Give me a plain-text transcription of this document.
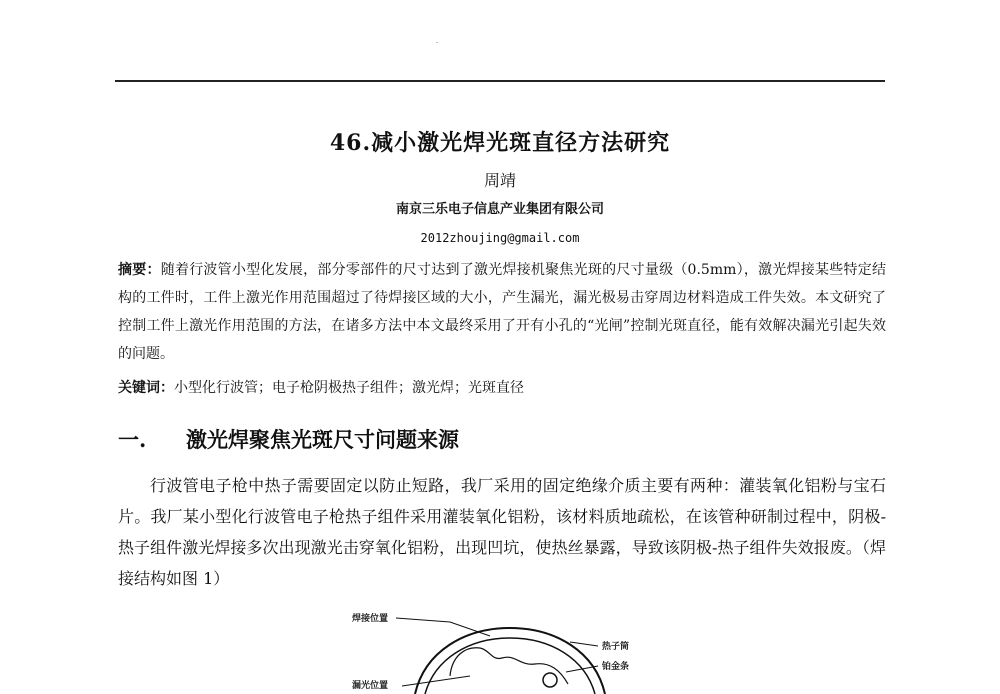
46.减小激光焊光斑直径方法研究
周靖
南京三乐电子信息产业集团有限公司
2012zhoujing@gmail.com

摘要：随着行波管小型化发展，部分零部件的尺寸达到了激光焊接机聚焦光斑的尺寸量级（0.5mm），激光焊接某些特定结构的工件时，工件上激光作用范围超过了待焊接区域的大小，产生漏光，漏光极易击穿周边材料造成工件失效。本文研究了控制工件上激光作用范围的方法，在诸多方法中本文最终采用了开有小孔的“光闸”控制光斑直径，能有效解决漏光引起失效的问题。

关键词：小型化行波管；电子枪阴极热子组件；激光焊；光斑直径
一. 激光焊聚焦光斑尺寸问题来源

行波管电子枪中热子需要固定以防止短路，我厂采用的固定绝缘介质主要有两种：灌装氧化铝粉与宝石片。我厂某小型化行波管电子枪热子组件采用灌装氧化铝粉，该材料质地疏松，在该管种研制过程中，阴极-热子组件激光焊接多次出现激光击穿氧化铝粉，出现凹坑，使热丝暴露，导致该阴极-热子组件失效报废。（焊接结构如图 1）

焊接位置
漏光位置
热子筒
铂金条
